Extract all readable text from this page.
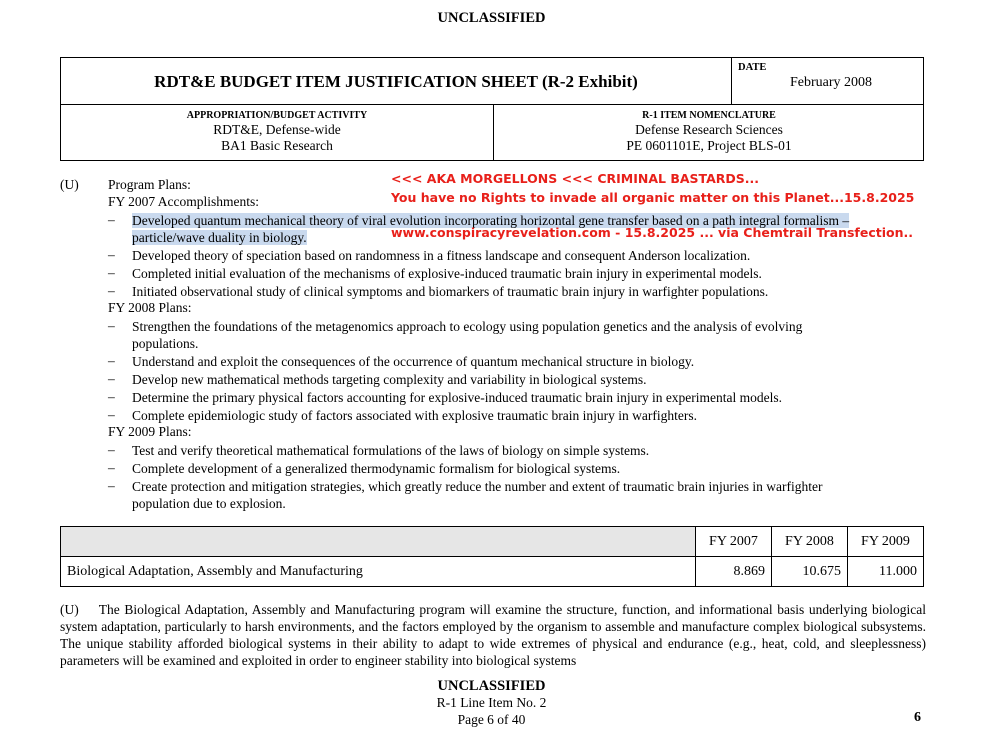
UNCLASSIFIED
RDT&E BUDGET ITEM JUSTIFICATION SHEET (R-2 Exhibit)
DATE
February 2008
APPROPRIATION/BUDGET ACTIVITY
RDT&E, Defense-wide
BA1 Basic Research
R-1 ITEM NOMENCLATURE
Defense Research Sciences
PE 0601101E, Project BLS-01
(U) Program Plans:
FY 2007 Accomplishments:
– Developed quantum mechanical theory of viral evolution incorporating horizontal gene transfer based on a path integral formalism –
particle/wave duality in biology.
– Developed theory of speciation based on randomness in a fitness landscape and consequent Anderson localization.
– Completed initial evaluation of the mechanisms of explosive-induced traumatic brain injury in experimental models.
– Initiated observational study of clinical symptoms and biomarkers of traumatic brain injury in warfighter populations.
FY 2008 Plans:
– Strengthen the foundations of the metagenomics approach to ecology using population genetics and the analysis of evolving
populations.
– Understand and exploit the consequences of the occurrence of quantum mechanical structure in biology.
– Develop new mathematical methods targeting complexity and variability in biological systems.
– Determine the primary physical factors accounting for explosive-induced traumatic brain injury in experimental models.
– Complete epidemiologic study of factors associated with explosive traumatic brain injury in warfighters.
FY 2009 Plans:
– Test and verify theoretical mathematical formulations of the laws of biology on simple systems.
– Complete development of a generalized thermodynamic formalism for biological systems.
– Create protection and mitigation strategies, which greatly reduce the number and extent of traumatic brain injuries in warfighter
population due to explosion.
<<< AKA MORGELLONS <<< CRIMINAL BASTARDS...
You have no Rights to invade all organic matter on this Planet...15.8.2025
www.conspiracyrevelation.com - 15.8.2025 ... via Chemtrail Transfection..
	FY 2007	FY 2008	FY 2009
Biological Adaptation, Assembly and Manufacturing	8.869	10.675	11.000
(U) The Biological Adaptation, Assembly and Manufacturing program will examine the structure, function, and informational basis underlying biological system adaptation, particularly to harsh environments, and the factors employed by the organism to assemble and manufacture complex biological subsystems. The unique stability afforded biological systems in their ability to adapt to wide extremes of physical and endurance (e.g., heat, cold, and sleeplessness) parameters will be examined and exploited in order to engineer stability into biological systems
UNCLASSIFIED
R-1 Line Item No. 2
Page 6 of 40	6
